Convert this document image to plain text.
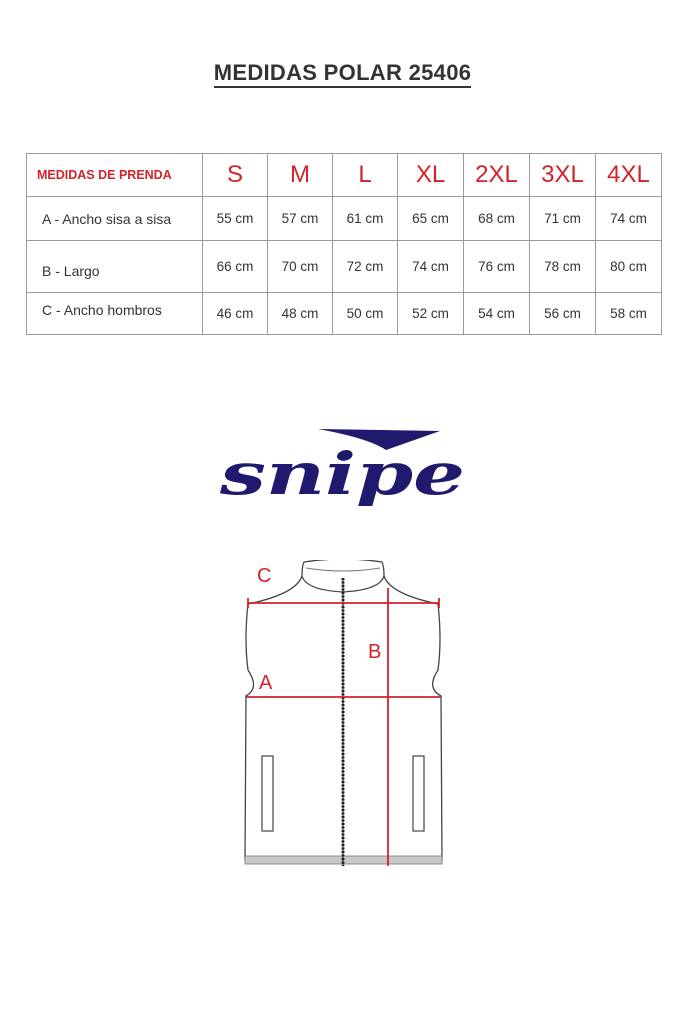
MEDIDAS POLAR 25406
MEDIDAS DE PRENDA	S	M	L	XL	2XL	3XL	4XL
A - Ancho sisa a sisa	55 cm	57 cm	61 cm	65 cm	68 cm	71 cm	74 cm
B - Largo	66 cm	70 cm	72 cm	74 cm	76 cm	78 cm	80 cm
C - Ancho hombros	46 cm	48 cm	50 cm	52 cm	54 cm	56 cm	58 cm
snipe
C
A
B
